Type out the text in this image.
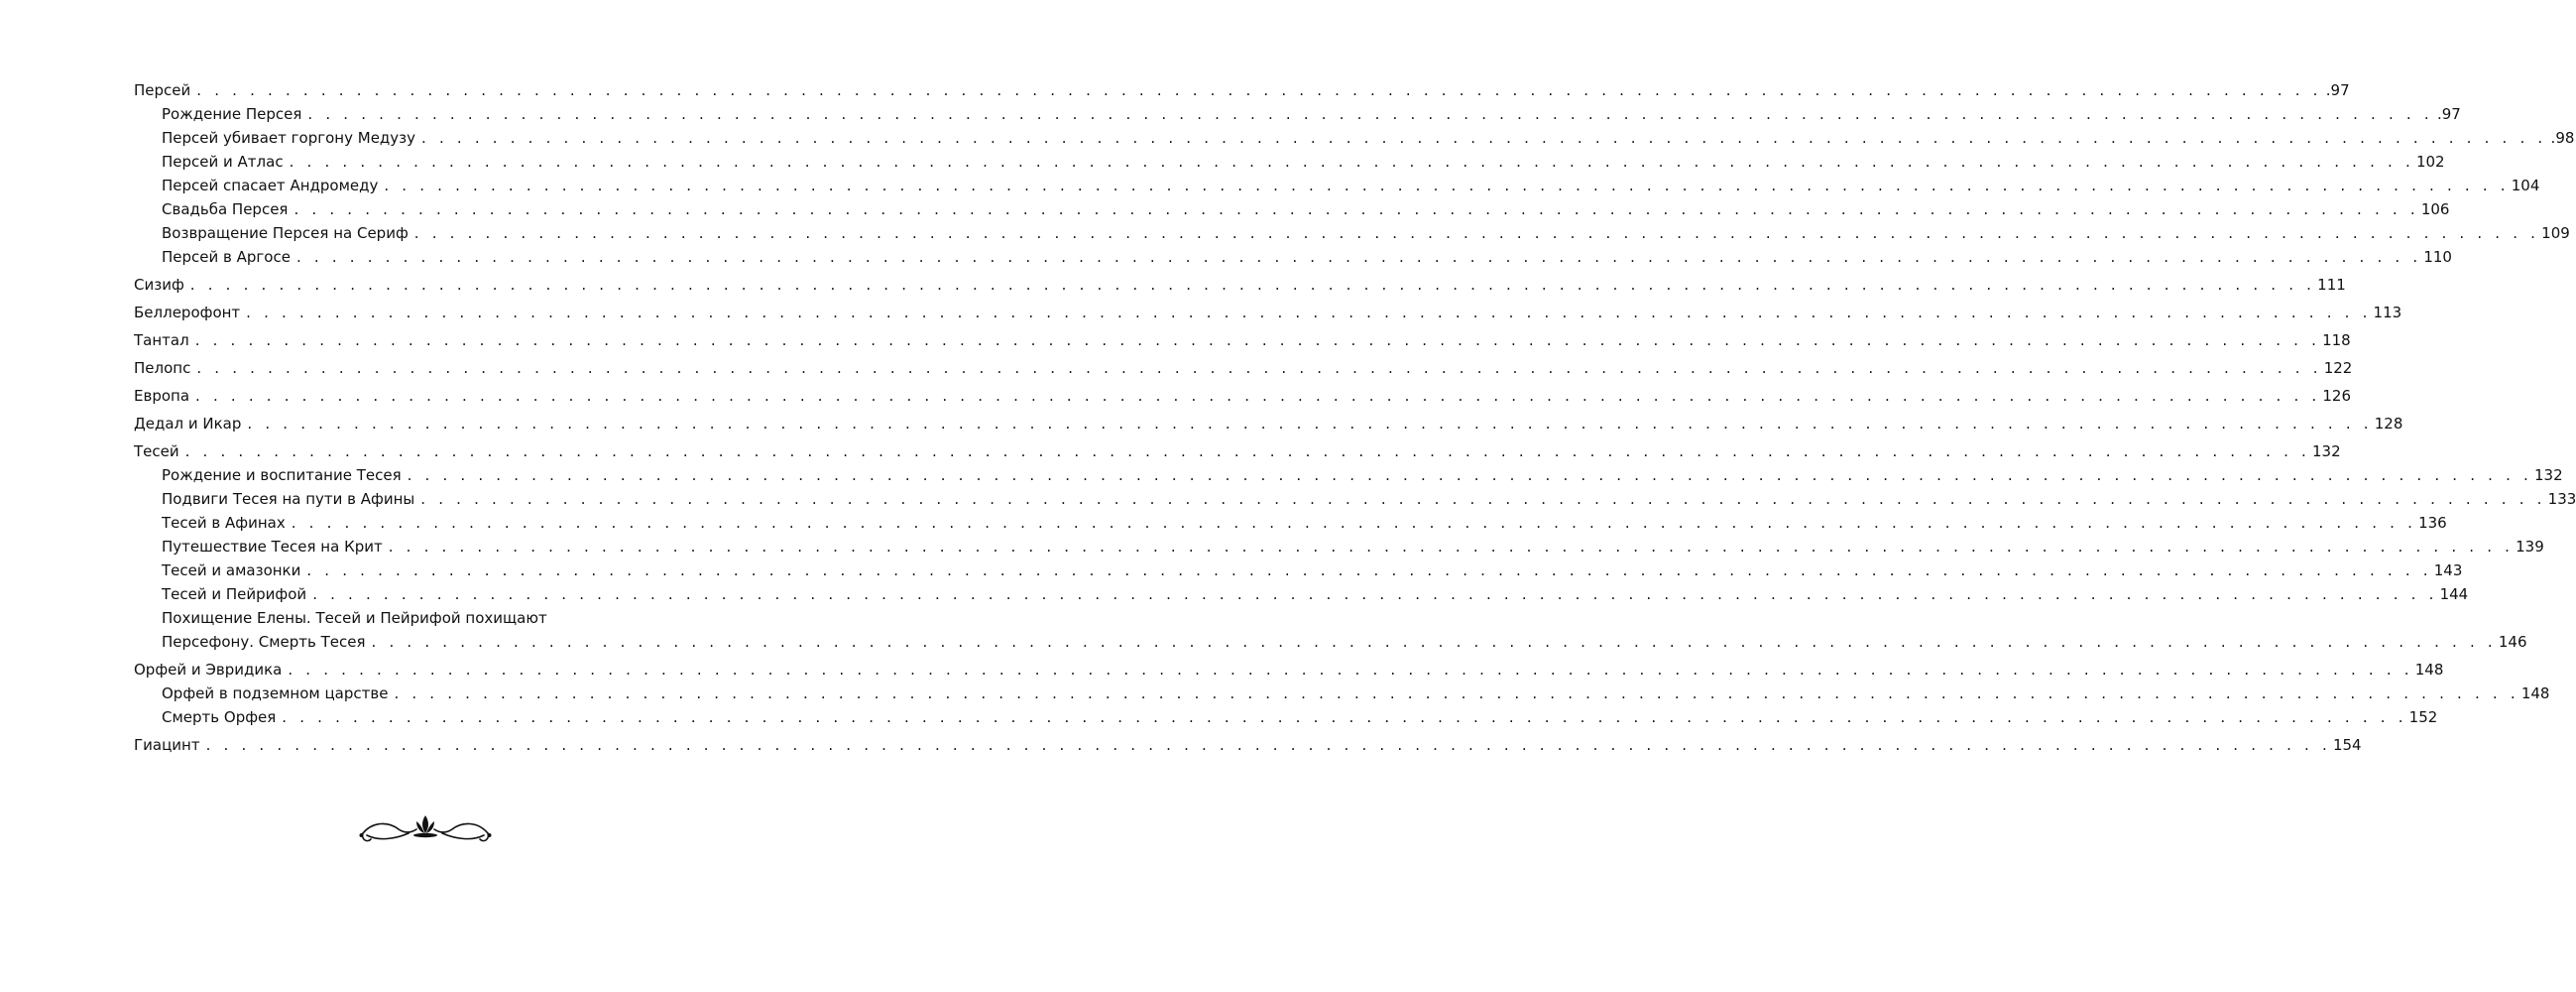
Персей . . . . . . . . . . . . . . . . . . . . . . . . . . . . . . . . . . . . . . . . . . . . . . . . . . . . . . . . . . . . . . . . . . . . . . . . . . . . . . . . . . . . . . . . . . . . . . . . . . . . . . . . . . . . . . . . . . . . . . . . .97
Рождение Персея . . . . . . . . . . . . . . . . . . . . . . . . . . . . . . . . . . . . . . . . . . . . . . . . . . . . . . . . . . . . . . . . . . . . . . . . . . . . . . . . . . . . . . . . . . . . . . . . . . . . . . . . . . . . . . . . . . . . . . . . .97
Персей убивает горгону Медузу . . . . . . . . . . . . . . . . . . . . . . . . . . . . . . . . . . . . . . . . . . . . . . . . . . . . . . . . . . . . . . . . . . . . . . . . . . . . . . . . . . . . . . . . . . . . . . . . . . . . . . . . . . . . . . . . . . . . . . . . .98
Персей и Атлас . . . . . . . . . . . . . . . . . . . . . . . . . . . . . . . . . . . . . . . . . . . . . . . . . . . . . . . . . . . . . . . . . . . . . . . . . . . . . . . . . . . . . . . . . . . . . . . . . . . . . . . . . . . . . . . . . . . . . . . . 102
Персей спасает Андромеду . . . . . . . . . . . . . . . . . . . . . . . . . . . . . . . . . . . . . . . . . . . . . . . . . . . . . . . . . . . . . . . . . . . . . . . . . . . . . . . . . . . . . . . . . . . . . . . . . . . . . . . . . . . . . . . . . . . . . . . . 104
Свадьба Персея . . . . . . . . . . . . . . . . . . . . . . . . . . . . . . . . . . . . . . . . . . . . . . . . . . . . . . . . . . . . . . . . . . . . . . . . . . . . . . . . . . . . . . . . . . . . . . . . . . . . . . . . . . . . . . . . . . . . . . . . 106
Возвращение Персея на Сериф . . . . . . . . . . . . . . . . . . . . . . . . . . . . . . . . . . . . . . . . . . . . . . . . . . . . . . . . . . . . . . . . . . . . . . . . . . . . . . . . . . . . . . . . . . . . . . . . . . . . . . . . . . . . . . . . . . . . . . . . 109
Персей в Аргосе . . . . . . . . . . . . . . . . . . . . . . . . . . . . . . . . . . . . . . . . . . . . . . . . . . . . . . . . . . . . . . . . . . . . . . . . . . . . . . . . . . . . . . . . . . . . . . . . . . . . . . . . . . . . . . . . . . . . . . . . 110
Сизиф . . . . . . . . . . . . . . . . . . . . . . . . . . . . . . . . . . . . . . . . . . . . . . . . . . . . . . . . . . . . . . . . . . . . . . . . . . . . . . . . . . . . . . . . . . . . . . . . . . . . . . . . . . . . . . . . . . . . . . . . 111
Беллерофонт . . . . . . . . . . . . . . . . . . . . . . . . . . . . . . . . . . . . . . . . . . . . . . . . . . . . . . . . . . . . . . . . . . . . . . . . . . . . . . . . . . . . . . . . . . . . . . . . . . . . . . . . . . . . . . . . . . . . . . . . 113
Тантал . . . . . . . . . . . . . . . . . . . . . . . . . . . . . . . . . . . . . . . . . . . . . . . . . . . . . . . . . . . . . . . . . . . . . . . . . . . . . . . . . . . . . . . . . . . . . . . . . . . . . . . . . . . . . . . . . . . . . . . . 118
Пелопс . . . . . . . . . . . . . . . . . . . . . . . . . . . . . . . . . . . . . . . . . . . . . . . . . . . . . . . . . . . . . . . . . . . . . . . . . . . . . . . . . . . . . . . . . . . . . . . . . . . . . . . . . . . . . . . . . . . . . . . . 122
Европа . . . . . . . . . . . . . . . . . . . . . . . . . . . . . . . . . . . . . . . . . . . . . . . . . . . . . . . . . . . . . . . . . . . . . . . . . . . . . . . . . . . . . . . . . . . . . . . . . . . . . . . . . . . . . . . . . . . . . . . . 126
Дедал и Икар . . . . . . . . . . . . . . . . . . . . . . . . . . . . . . . . . . . . . . . . . . . . . . . . . . . . . . . . . . . . . . . . . . . . . . . . . . . . . . . . . . . . . . . . . . . . . . . . . . . . . . . . . . . . . . . . . . . . . . . . 128
Тесей . . . . . . . . . . . . . . . . . . . . . . . . . . . . . . . . . . . . . . . . . . . . . . . . . . . . . . . . . . . . . . . . . . . . . . . . . . . . . . . . . . . . . . . . . . . . . . . . . . . . . . . . . . . . . . . . . . . . . . . . 132
Рождение и воспитание Тесея . . . . . . . . . . . . . . . . . . . . . . . . . . . . . . . . . . . . . . . . . . . . . . . . . . . . . . . . . . . . . . . . . . . . . . . . . . . . . . . . . . . . . . . . . . . . . . . . . . . . . . . . . . . . . . . . . . . . . . . . 132
Подвиги Тесея на пути в Афины . . . . . . . . . . . . . . . . . . . . . . . . . . . . . . . . . . . . . . . . . . . . . . . . . . . . . . . . . . . . . . . . . . . . . . . . . . . . . . . . . . . . . . . . . . . . . . . . . . . . . . . . . . . . . . . . . . . . . . . . 133
Тесей в Афинах . . . . . . . . . . . . . . . . . . . . . . . . . . . . . . . . . . . . . . . . . . . . . . . . . . . . . . . . . . . . . . . . . . . . . . . . . . . . . . . . . . . . . . . . . . . . . . . . . . . . . . . . . . . . . . . . . . . . . . . . 136
Путешествие Тесея на Крит . . . . . . . . . . . . . . . . . . . . . . . . . . . . . . . . . . . . . . . . . . . . . . . . . . . . . . . . . . . . . . . . . . . . . . . . . . . . . . . . . . . . . . . . . . . . . . . . . . . . . . . . . . . . . . . . . . . . . . . . 139
Тесей и амазонки . . . . . . . . . . . . . . . . . . . . . . . . . . . . . . . . . . . . . . . . . . . . . . . . . . . . . . . . . . . . . . . . . . . . . . . . . . . . . . . . . . . . . . . . . . . . . . . . . . . . . . . . . . . . . . . . . . . . . . . . 143
Тесей и Пейрифой . . . . . . . . . . . . . . . . . . . . . . . . . . . . . . . . . . . . . . . . . . . . . . . . . . . . . . . . . . . . . . . . . . . . . . . . . . . . . . . . . . . . . . . . . . . . . . . . . . . . . . . . . . . . . . . . . . . . . . . . 144
Похищение Елены. Тесей и Пейрифой похищают
Персефону. Смерть Тесея . . . . . . . . . . . . . . . . . . . . . . . . . . . . . . . . . . . . . . . . . . . . . . . . . . . . . . . . . . . . . . . . . . . . . . . . . . . . . . . . . . . . . . . . . . . . . . . . . . . . . . . . . . . . . . . . . . . . . . . . 146
Орфей и Эвридика . . . . . . . . . . . . . . . . . . . . . . . . . . . . . . . . . . . . . . . . . . . . . . . . . . . . . . . . . . . . . . . . . . . . . . . . . . . . . . . . . . . . . . . . . . . . . . . . . . . . . . . . . . . . . . . . . . . . . . . . 148
Орфей в подземном царстве . . . . . . . . . . . . . . . . . . . . . . . . . . . . . . . . . . . . . . . . . . . . . . . . . . . . . . . . . . . . . . . . . . . . . . . . . . . . . . . . . . . . . . . . . . . . . . . . . . . . . . . . . . . . . . . . . . . . . . . . 148
Смерть Орфея . . . . . . . . . . . . . . . . . . . . . . . . . . . . . . . . . . . . . . . . . . . . . . . . . . . . . . . . . . . . . . . . . . . . . . . . . . . . . . . . . . . . . . . . . . . . . . . . . . . . . . . . . . . . . . . . . . . . . . . . 152
Гиацинт . . . . . . . . . . . . . . . . . . . . . . . . . . . . . . . . . . . . . . . . . . . . . . . . . . . . . . . . . . . . . . . . . . . . . . . . . . . . . . . . . . . . . . . . . . . . . . . . . . . . . . . . . . . . . . . . . . . . . . . . 154
